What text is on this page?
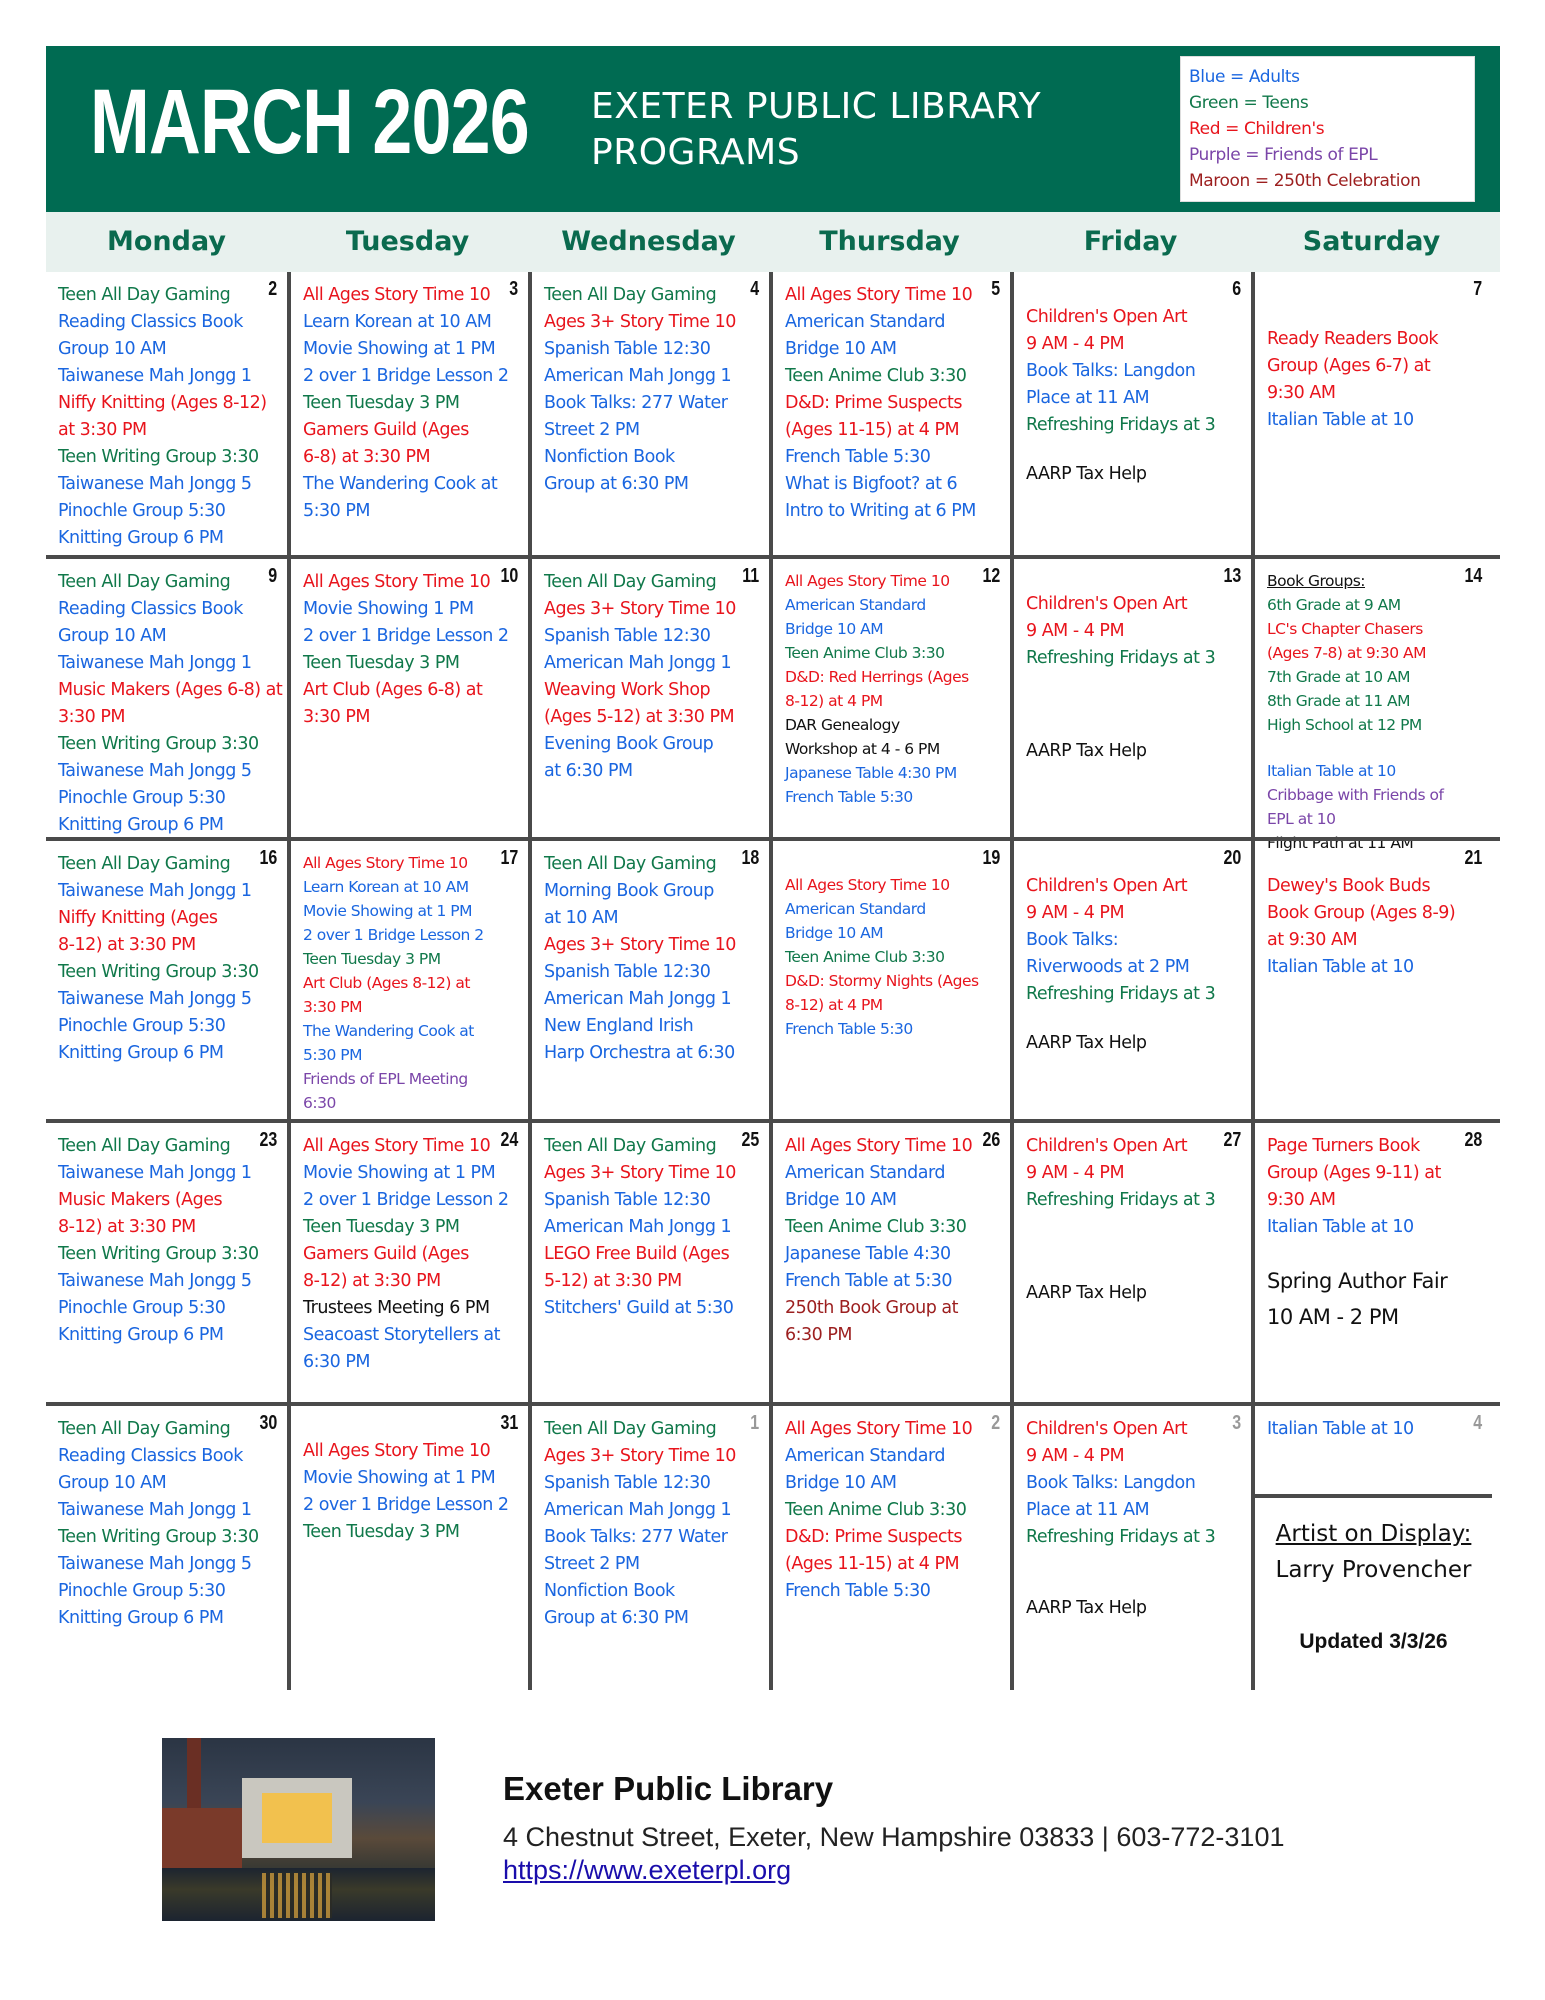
MARCH 2026 EXETER PUBLIC LIBRARY
PROGRAMS
Blue = Adults
Green = Teens
Red = Children's
Purple = Friends of EPL
Maroon = 250th Celebration
Monday	Tuesday	Wednesday	Thursday	Friday	Saturday
2
Teen All Day Gaming
Reading Classics Book
Group 10 AM
Taiwanese Mah Jongg 1
Niffy Knitting (Ages 8-12)
at 3:30 PM
Teen Writing Group 3:30
Taiwanese Mah Jongg 5
Pinochle Group 5:30
Knitting Group 6 PM
3
All Ages Story Time 10
Learn Korean at 10 AM
Movie Showing at 1 PM
2 over 1 Bridge Lesson 2
Teen Tuesday 3 PM
Gamers Guild (Ages
6-8) at 3:30 PM
The Wandering Cook at
5:30 PM
4
Teen All Day Gaming
Ages 3+ Story Time 10
Spanish Table 12:30
American Mah Jongg 1
Book Talks: 277 Water
Street 2 PM
Nonfiction Book
Group at 6:30 PM
5
All Ages Story Time 10
American Standard
Bridge 10 AM
Teen Anime Club 3:30
D&D: Prime Suspects
(Ages 11-15) at 4 PM
French Table 5:30
What is Bigfoot? at 6
Intro to Writing at 6 PM
6
Children's Open Art
9 AM - 4 PM
Book Talks: Langdon
Place at 11 AM
Refreshing Fridays at 3
AARP Tax Help
7
Ready Readers Book
Group (Ages 6-7) at
9:30 AM
Italian Table at 10
9
Teen All Day Gaming
Reading Classics Book
Group 10 AM
Taiwanese Mah Jongg 1
Music Makers (Ages 6-8) at
3:30 PM
Teen Writing Group 3:30
Taiwanese Mah Jongg 5
Pinochle Group 5:30
Knitting Group 6 PM
10
All Ages Story Time 10
Movie Showing 1 PM
2 over 1 Bridge Lesson 2
Teen Tuesday 3 PM
Art Club (Ages 6-8) at
3:30 PM
11
Teen All Day Gaming
Ages 3+ Story Time 10
Spanish Table 12:30
American Mah Jongg 1
Weaving Work Shop
(Ages 5-12) at 3:30 PM
Evening Book Group
at 6:30 PM
12
All Ages Story Time 10
American Standard
Bridge 10 AM
Teen Anime Club 3:30
D&D: Red Herrings (Ages
8-12) at 4 PM
DAR Genealogy
Workshop at 4 - 6 PM
Japanese Table 4:30 PM
French Table 5:30
13
Children's Open Art
9 AM - 4 PM
Refreshing Fridays at 3
AARP Tax Help
14
Book Groups:
6th Grade at 9 AM
LC's Chapter Chasers
(Ages 7-8) at 9:30 AM
7th Grade at 10 AM
8th Grade at 11 AM
High School at 12 PM
Italian Table at 10
Cribbage with Friends of
EPL at 10
Flight Path at 11 AM
16
Teen All Day Gaming
Taiwanese Mah Jongg 1
Niffy Knitting (Ages
8-12) at 3:30 PM
Teen Writing Group 3:30
Taiwanese Mah Jongg 5
Pinochle Group 5:30
Knitting Group 6 PM
17
All Ages Story Time 10
Learn Korean at 10 AM
Movie Showing at 1 PM
2 over 1 Bridge Lesson 2
Teen Tuesday 3 PM
Art Club (Ages 8-12) at
3:30 PM
The Wandering Cook at
5:30 PM
Friends of EPL Meeting
6:30
18
Teen All Day Gaming
Morning Book Group
at 10 AM
Ages 3+ Story Time 10
Spanish Table 12:30
American Mah Jongg 1
New England Irish
Harp Orchestra at 6:30
19
All Ages Story Time 10
American Standard
Bridge 10 AM
Teen Anime Club 3:30
D&D: Stormy Nights (Ages
8-12) at 4 PM
French Table 5:30
20
Children's Open Art
9 AM - 4 PM
Book Talks:
Riverwoods at 2 PM
Refreshing Fridays at 3
AARP Tax Help
21
Dewey's Book Buds
Book Group (Ages 8-9)
at 9:30 AM
Italian Table at 10
23
Teen All Day Gaming
Taiwanese Mah Jongg 1
Music Makers (Ages
8-12) at 3:30 PM
Teen Writing Group 3:30
Taiwanese Mah Jongg 5
Pinochle Group 5:30
Knitting Group 6 PM
24
All Ages Story Time 10
Movie Showing at 1 PM
2 over 1 Bridge Lesson 2
Teen Tuesday 3 PM
Gamers Guild (Ages
8-12) at 3:30 PM
Trustees Meeting 6 PM
Seacoast Storytellers at
6:30 PM
25
Teen All Day Gaming
Ages 3+ Story Time 10
Spanish Table 12:30
American Mah Jongg 1
LEGO Free Build (Ages
5-12) at 3:30 PM
Stitchers' Guild at 5:30
26
All Ages Story Time 10
American Standard
Bridge 10 AM
Teen Anime Club 3:30
Japanese Table 4:30
French Table at 5:30
250th Book Group at
6:30 PM
27
Children's Open Art
9 AM - 4 PM
Refreshing Fridays at 3
AARP Tax Help
28
Page Turners Book
Group (Ages 9-11) at
9:30 AM
Italian Table at 10
Spring Author Fair
10 AM - 2 PM
30
Teen All Day Gaming
Reading Classics Book
Group 10 AM
Taiwanese Mah Jongg 1
Teen Writing Group 3:30
Taiwanese Mah Jongg 5
Pinochle Group 5:30
Knitting Group 6 PM
31
All Ages Story Time 10
Movie Showing at 1 PM
2 over 1 Bridge Lesson 2
Teen Tuesday 3 PM
1
Teen All Day Gaming
Ages 3+ Story Time 10
Spanish Table 12:30
American Mah Jongg 1
Book Talks: 277 Water
Street 2 PM
Nonfiction Book
Group at 6:30 PM
2
All Ages Story Time 10
American Standard
Bridge 10 AM
Teen Anime Club 3:30
D&D: Prime Suspects
(Ages 11-15) at 4 PM
French Table 5:30
3
Children's Open Art
9 AM - 4 PM
Book Talks: Langdon
Place at 11 AM
Refreshing Fridays at 3
AARP Tax Help
4
Italian Table at 10
Artist on Display:
Larry Provencher
Updated 3/3/26
Exeter Public Library
4 Chestnut Street, Exeter, New Hampshire 03833 | 603-772-3101
https://www.exeterpl.org
